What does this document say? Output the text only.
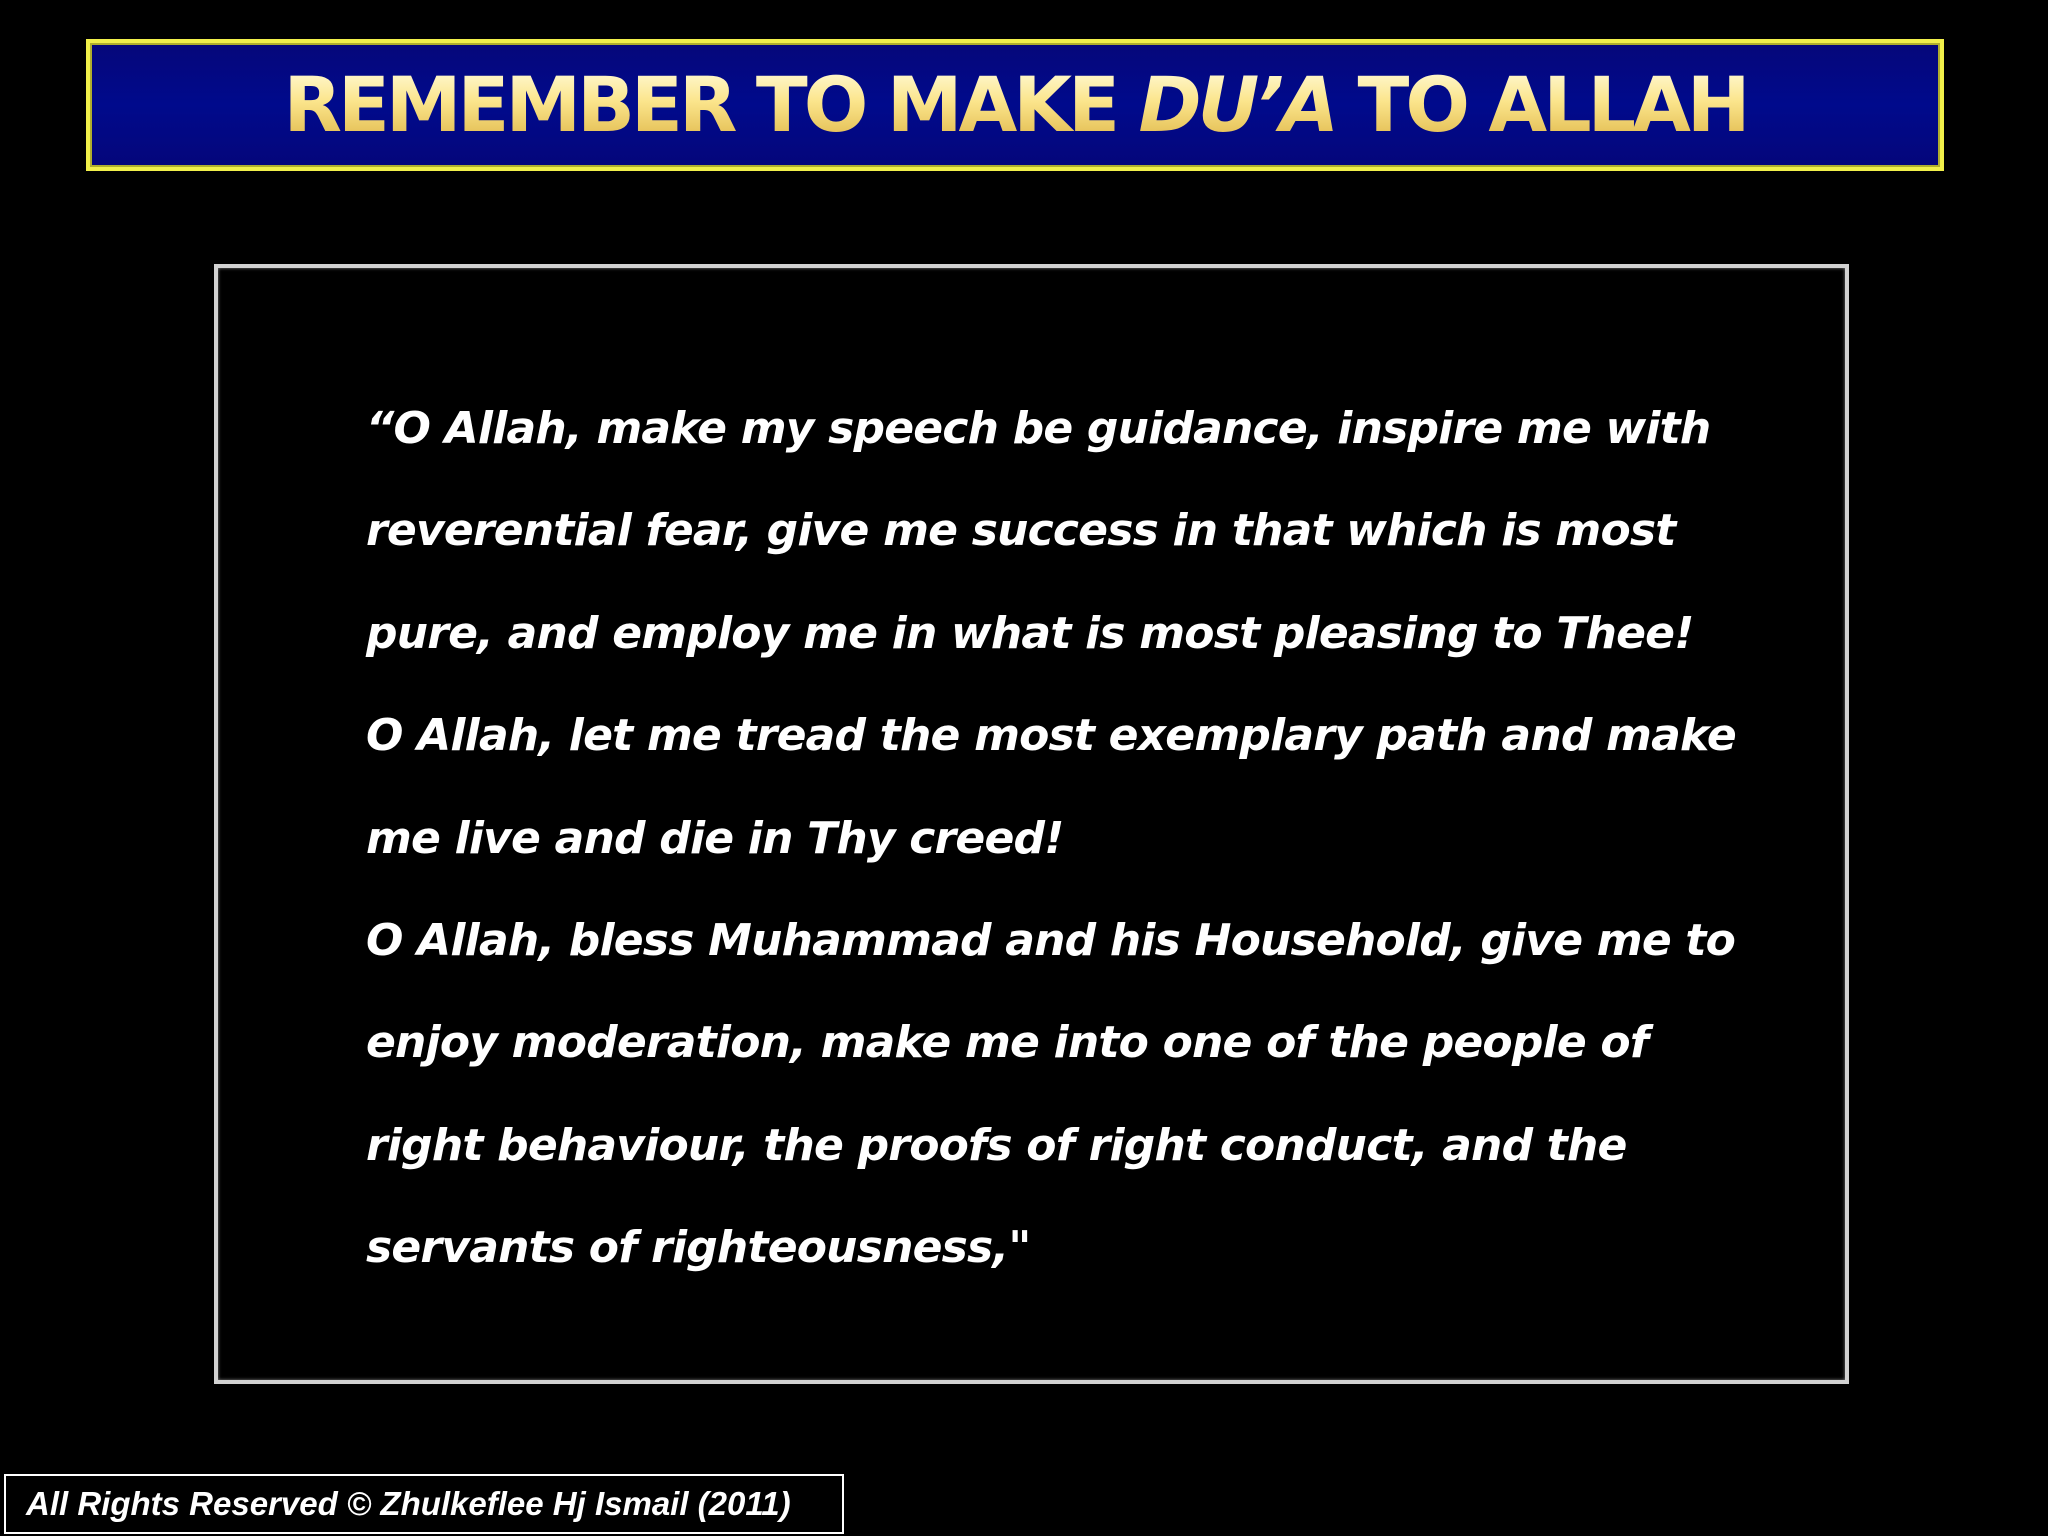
REMEMBER TO MAKE DU’A TO ALLAH

“O Allah, make my speech be guidance, inspire me with
reverential fear, give me success in that which is most
pure, and employ me in what is most pleasing to Thee!
O Allah, let me tread the most exemplary path and make
me live and die in Thy creed!
O Allah, bless Muhammad and his Household, give me to
enjoy moderation, make me into one of the people of
right behaviour, the proofs of right conduct, and the
servants of righteousness,"

All Rights Reserved © Zhulkeflee Hj Ismail (2011)
